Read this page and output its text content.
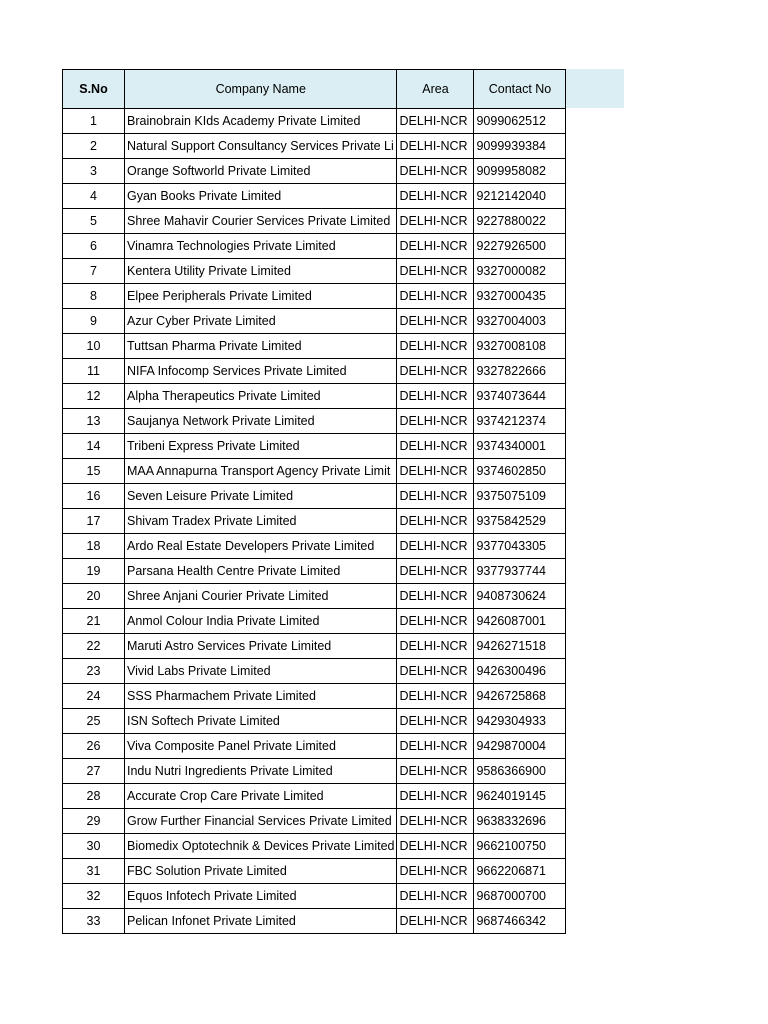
S.No	Company Name	Area	Contact No
1	Brainobrain KIds Academy Private Limited	DELHI-NCR	9099062512
2	Natural Support Consultancy Services Private Li	DELHI-NCR	9099939384
3	Orange Softworld Private Limited	DELHI-NCR	9099958082
4	Gyan Books Private Limited	DELHI-NCR	9212142040
5	Shree Mahavir Courier Services Private Limited	DELHI-NCR	9227880022
6	Vinamra Technologies Private Limited	DELHI-NCR	9227926500
7	Kentera Utility Private Limited	DELHI-NCR	9327000082
8	Elpee Peripherals Private Limited	DELHI-NCR	9327000435
9	Azur Cyber Private Limited	DELHI-NCR	9327004003
10	Tuttsan Pharma Private Limited	DELHI-NCR	9327008108
11	NIFA Infocomp Services Private Limited	DELHI-NCR	9327822666
12	Alpha Therapeutics Private Limited	DELHI-NCR	9374073644
13	Saujanya Network Private Limited	DELHI-NCR	9374212374
14	Tribeni Express Private Limited	DELHI-NCR	9374340001
15	MAA Annapurna Transport Agency Private Limit	DELHI-NCR	9374602850
16	Seven Leisure Private Limited	DELHI-NCR	9375075109
17	Shivam Tradex Private Limited	DELHI-NCR	9375842529
18	Ardo Real Estate Developers Private Limited	DELHI-NCR	9377043305
19	Parsana Health Centre Private Limited	DELHI-NCR	9377937744
20	Shree Anjani Courier Private Limited	DELHI-NCR	9408730624
21	Anmol Colour India Private Limited	DELHI-NCR	9426087001
22	Maruti Astro Services Private Limited	DELHI-NCR	9426271518
23	Vivid Labs Private Limited	DELHI-NCR	9426300496
24	SSS Pharmachem Private Limited	DELHI-NCR	9426725868
25	ISN Softech Private Limited	DELHI-NCR	9429304933
26	Viva Composite Panel Private Limited	DELHI-NCR	9429870004
27	Indu Nutri Ingredients Private Limited	DELHI-NCR	9586366900
28	Accurate Crop Care Private Limited	DELHI-NCR	9624019145
29	Grow Further Financial Services Private Limited	DELHI-NCR	9638332696
30	Biomedix Optotechnik & Devices Private Limited	DELHI-NCR	9662100750
31	FBC Solution Private Limited	DELHI-NCR	9662206871
32	Equos Infotech Private Limited	DELHI-NCR	9687000700
33	Pelican Infonet Private Limited	DELHI-NCR	9687466342
